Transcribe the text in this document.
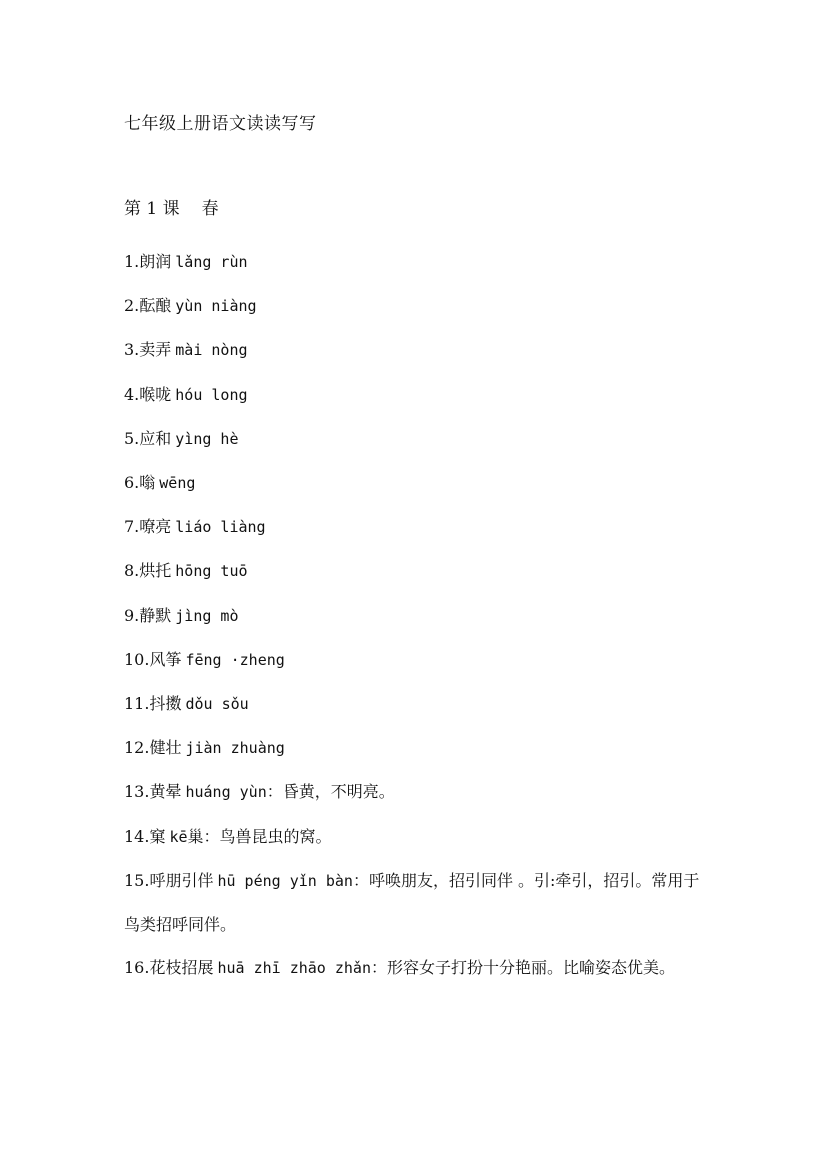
七年级上册语文读读写写
第 1 课 春
1.朗润 lǎng rùn
2.酝酿 yùn niàng
3.卖弄 mài nòng
4.喉咙 hóu long
5.应和 yìng hè
6.嗡 wēng
7.嘹亮 liáo liàng
8.烘托 hōng tuō
9.静默 jìng mò
10.风筝 fēng ·zheng
11.抖擞 dǒu sǒu
12.健壮 jiàn zhuàng
13.黄晕 huáng yùn：昏黄，不明亮。
14.窠 kē巢：鸟兽昆虫的窝。
15.呼朋引伴 hū péng yǐn bàn：呼唤朋友，招引同伴 。引:牵引，招引。常用于鸟类招呼同伴。
16.花枝招展 huā zhī zhāo zhǎn：形容女子打扮十分艳丽。比喻姿态优美。
